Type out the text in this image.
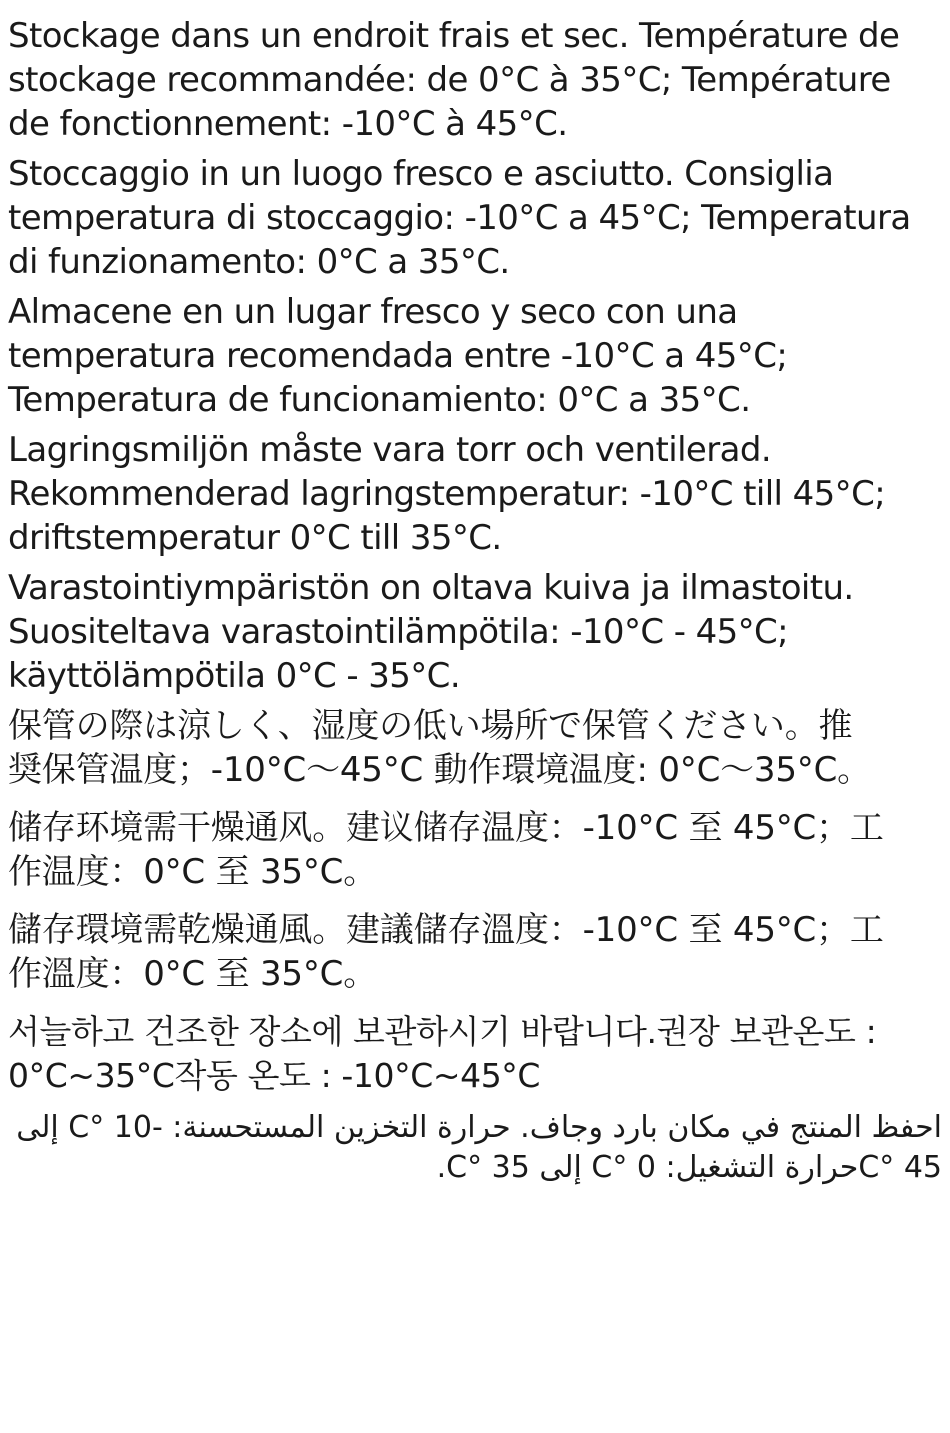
Stockage dans un endroit frais et sec. Température de
stockage recommandée: de 0°C à 35°C; Température
de fonctionnement: -10°C à 45°C.

Stoccaggio in un luogo fresco e asciutto. Consiglia
temperatura di stoccaggio: -10°C a 45°C; Temperatura
di funzionamento: 0°C a 35°C.

Almacene en un lugar fresco y seco con una
temperatura recomendada entre -10°C a 45°C;
Temperatura de funcionamiento: 0°C a 35°C.

Lagringsmiljön måste vara torr och ventilerad.
Rekommenderad lagringstemperatur: -10°C till 45°C;
driftstemperatur 0°C till 35°C.

Varastointiympäristön on oltava kuiva ja ilmastoitu.
Suositeltava varastointilämpötila: -10°C - 45°C;
käyttölämpötila 0°C - 35°C.

保管の際は涼しく、湿度の低い場所で保管ください。推
奨保管温度；-10°C〜45°C 動作環境温度: 0°C〜35°C。

储存环境需干燥通风。建议储存温度：-10°C 至 45°C；工
作温度：0°C 至 35°C。

儲存環境需乾燥通風。建議儲存溫度：-10°C 至 45°C；工
作溫度：0°C 至 35°C。

서늘하고 건조한 장소에 보관하시기 바랍니다.권장 보관온도 :
0°C~35°C작동 온도 : -10°C~45°C

احفظ المنتج في مكان بارد وجاف. حرارة التخزين المستحسنة: -10 °C إلى
45 °Cحرارة التشغيل: 0 °C إلى 35 °C.
